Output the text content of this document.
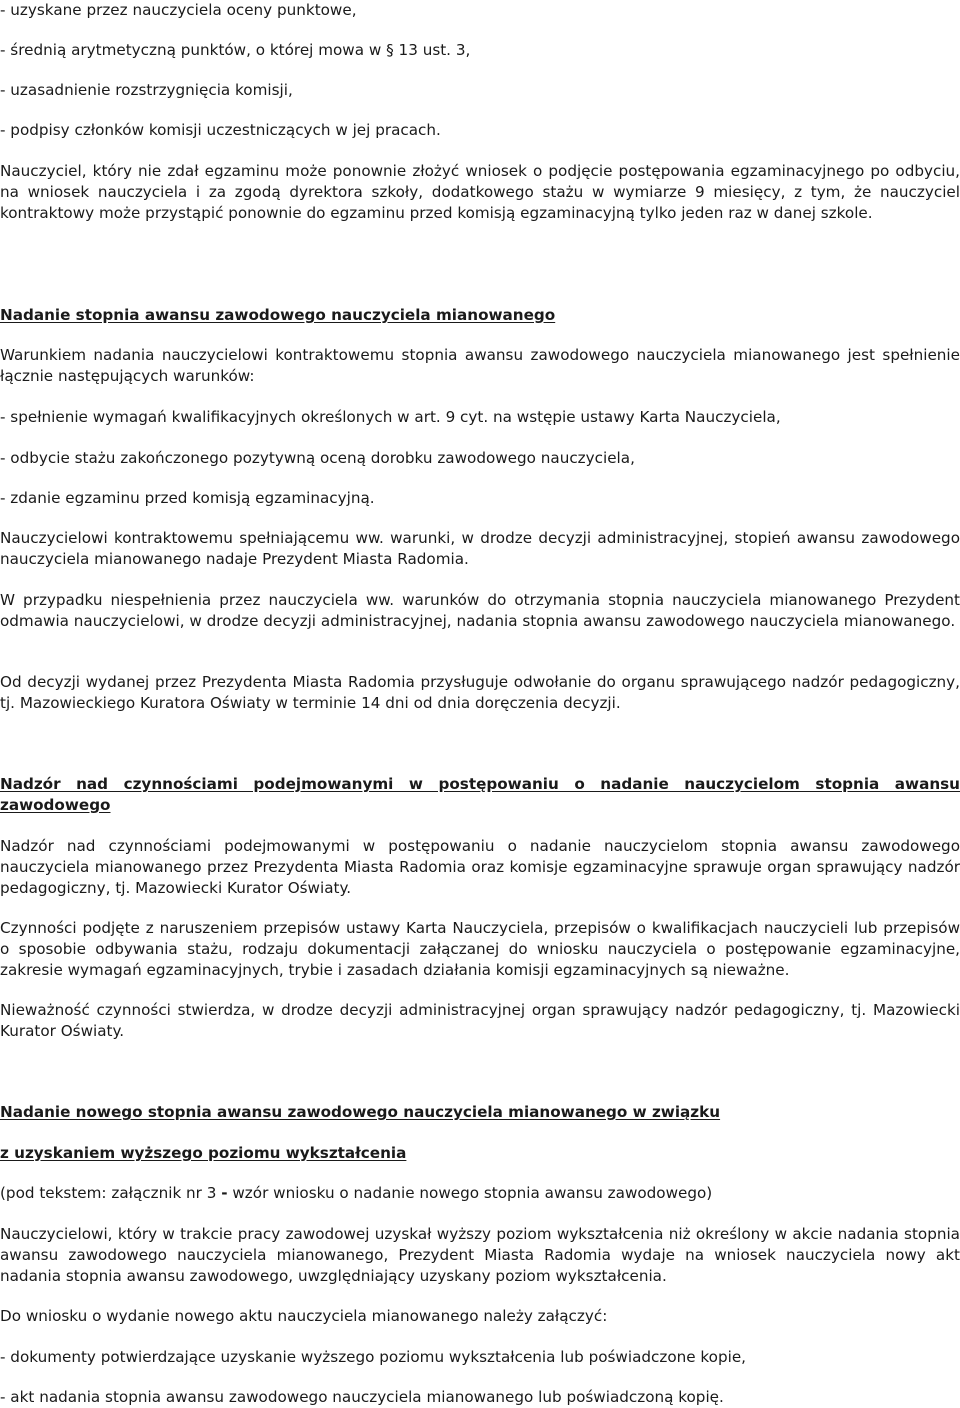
- uzyskane przez nauczyciela oceny punktowe,

- średnią arytmetyczną punktów, o której mowa w § 13 ust. 3,

- uzasadnienie rozstrzygnięcia komisji,

- podpisy członków komisji uczestniczących w jej pracach.

Nauczyciel, który nie zdał egzaminu może ponownie złożyć wniosek o podjęcie postępowania egzaminacyjnego po odbyciu, na wniosek nauczyciela i za zgodą dyrektora szkoły, dodatkowego stażu w wymiarze 9 miesięcy, z tym, że nauczyciel kontraktowy może przystąpić ponownie do egzaminu przed komisją egzaminacyjną tylko jeden raz w danej szkole.

Nadanie stopnia awansu zawodowego nauczyciela mianowanego

Warunkiem nadania nauczycielowi kontraktowemu stopnia awansu zawodowego nauczyciela mianowanego jest spełnienie łącznie następujących warunków:

- spełnienie wymagań kwalifikacyjnych określonych w art. 9 cyt. na wstępie ustawy Karta Nauczyciela,

- odbycie stażu zakończonego pozytywną oceną dorobku zawodowego nauczyciela,

- zdanie egzaminu przed komisją egzaminacyjną.

Nauczycielowi kontraktowemu spełniającemu ww. warunki, w drodze decyzji administracyjnej, stopień awansu zawodowego nauczyciela mianowanego nadaje Prezydent Miasta Radomia.

W przypadku niespełnienia przez nauczyciela ww. warunków do otrzymania stopnia nauczyciela mianowanego Prezydent odmawia nauczycielowi, w drodze decyzji administracyjnej, nadania stopnia awansu zawodowego nauczyciela mianowanego.

Od decyzji wydanej przez Prezydenta Miasta Radomia przysługuje odwołanie do organu sprawującego nadzór pedagogiczny, tj. Mazowieckiego Kuratora Oświaty w terminie 14 dni od dnia doręczenia decyzji.

Nadzór nad czynnościami podejmowanymi w postępowaniu o nadanie nauczycielom stopnia awansu zawodowego

Nadzór nad czynnościami podejmowanymi w postępowaniu o nadanie nauczycielom stopnia awansu zawodowego nauczyciela mianowanego przez Prezydenta Miasta Radomia oraz komisje egzaminacyjne sprawuje organ sprawujący nadzór pedagogiczny, tj. Mazowiecki Kurator Oświaty.

Czynności podjęte z naruszeniem przepisów ustawy Karta Nauczyciela, przepisów o kwalifikacjach nauczycieli lub przepisów o sposobie odbywania stażu, rodzaju dokumentacji załączanej do wniosku nauczyciela o postępowanie egzaminacyjne, zakresie wymagań egzaminacyjnych, trybie i zasadach działania komisji egzaminacyjnych są nieważne.

Nieważność czynności stwierdza, w drodze decyzji administracyjnej organ sprawujący nadzór pedagogiczny, tj. Mazowiecki Kurator Oświaty.

Nadanie nowego stopnia awansu zawodowego nauczyciela mianowanego w związku

z uzyskaniem wyższego poziomu wykształcenia

(pod tekstem: załącznik nr 3 - wzór wniosku o nadanie nowego stopnia awansu zawodowego)

Nauczycielowi, który w trakcie pracy zawodowej uzyskał wyższy poziom wykształcenia niż określony w akcie nadania stopnia awansu zawodowego nauczyciela mianowanego, Prezydent Miasta Radomia wydaje na wniosek nauczyciela nowy akt nadania stopnia awansu zawodowego, uwzględniający uzyskany poziom wykształcenia.

Do wniosku o wydanie nowego aktu nauczyciela mianowanego należy załączyć:

- dokumenty potwierdzające uzyskanie wyższego poziomu wykształcenia lub poświadczone kopie,

- akt nadania stopnia awansu zawodowego nauczyciela mianowanego lub poświadczoną kopię.
